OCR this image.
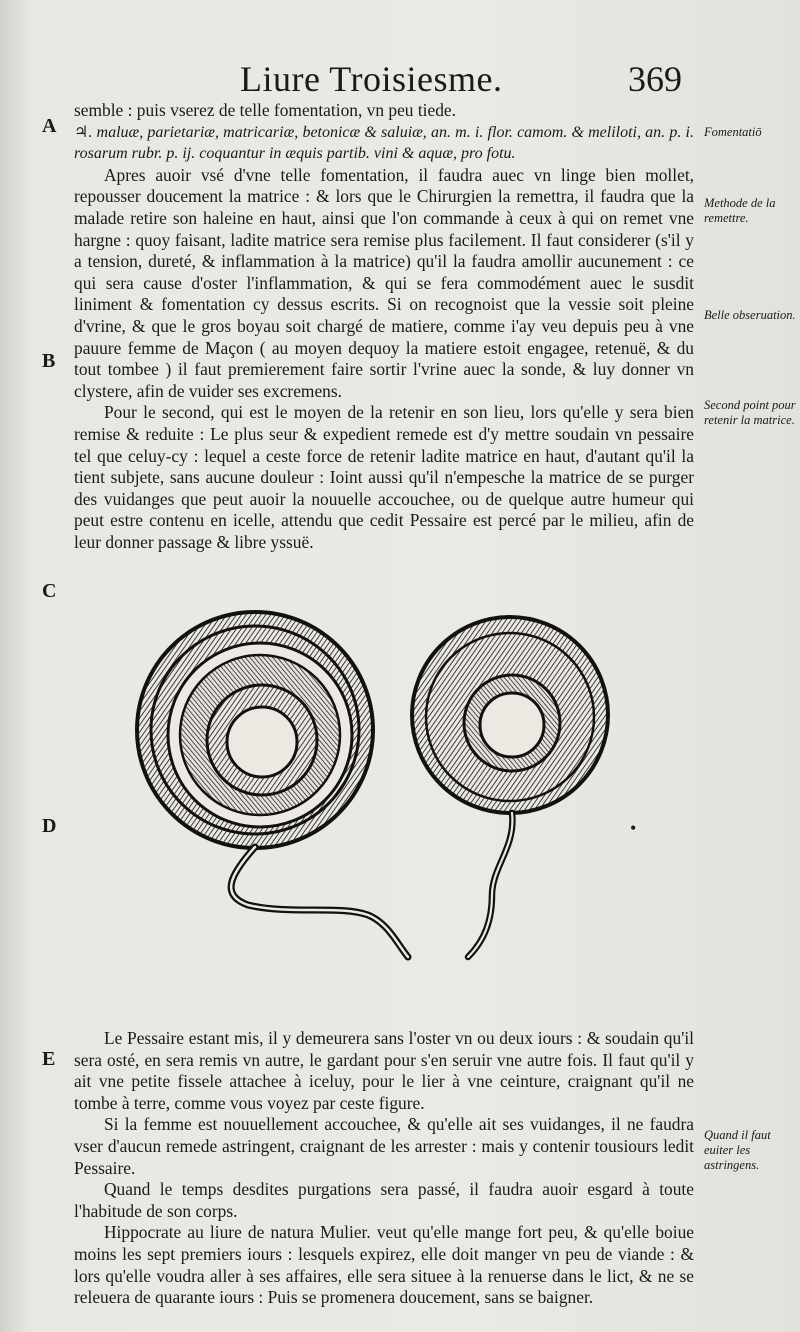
Liure Troisiesme.	369
A
B
C
D
E

semble : puis vserez de telle fomentation, vn peu tiede.

♃. maluæ, parietariæ, matricariæ, betonicæ & saluiæ, an. m. i. flor. camom. & meliloti, an. p. i. rosarum rubr. p. ij. coquantur in æquis partib. vini & aquæ, pro fotu.

Apres auoir vsé d'vne telle fomentation, il faudra auec vn linge bien mollet, repousser doucement la matrice : & lors que le Chirurgien la remettra, il faudra que la malade retire son haleine en haut, ainsi que l'on commande à ceux à qui on remet vne hargne : quoy faisant, ladite matrice sera remise plus facilement. Il faut considerer (s'il y a tension, dureté, & inflammation à la matrice) qu'il la faudra amollir aucunement : ce qui sera cause d'oster l'inflammation, & qui se fera commodément auec le susdit liniment & fomentation cy dessus escrits. Si on recognoist que la vessie soit pleine d'vrine, & que le gros boyau soit chargé de matiere, comme i'ay veu depuis peu à vne pauure femme de Maçon ( au moyen dequoy la matiere estoit engagee, retenuë, & du tout tombee ) il faut premierement faire sortir l'vrine auec la sonde, & luy donner vn clystere, afin de vuider ses excremens.

Pour le second, qui est le moyen de la retenir en son lieu, lors qu'elle y sera bien remise & reduite : Le plus seur & expedient remede est d'y mettre soudain vn pessaire tel que celuy-cy : lequel a ceste force de retenir ladite matrice en haut, d'autant qu'il la tient subjete, sans aucune douleur : Ioint aussi qu'il n'empesche la matrice de se purger des vuidanges que peut auoir la nouuelle accouchee, ou de quelque autre humeur qui peut estre contenu en icelle, attendu que cedit Pessaire est percé par le milieu, afin de leur donner passage & libre yssuë.

Fomentatiō
Methode de la remettre.
Belle obseruation.
Second point pour retenir la matrice.
Quand il faut euiter les astringens.
•

Le Pessaire estant mis, il y demeurera sans l'oster vn ou deux iours : & soudain qu'il sera osté, en sera remis vn autre, le gardant pour s'en seruir vne autre fois. Il faut qu'il y ait vne petite fissele attachee à iceluy, pour le lier à vne ceinture, craignant qu'il ne tombe à terre, comme vous voyez par ceste figure.

Si la femme est nouuellement accouchee, & qu'elle ait ses vuidanges, il ne faudra vser d'aucun remede astringent, craignant de les arrester : mais y contenir tousiours ledit Pessaire.

Quand le temps desdites purgations sera passé, il faudra auoir esgard à toute l'habitude de son corps.

Hippocrate au liure de natura Mulier. veut qu'elle mange fort peu, & qu'elle boiue moins les sept premiers iours : lesquels expirez, elle doit manger vn peu de viande : & lors qu'elle voudra aller à ses affaires, elle sera situee à la renuerse dans le lict, & ne se releuera de quarante iours : Puis se promenera doucement, sans se baigner.
